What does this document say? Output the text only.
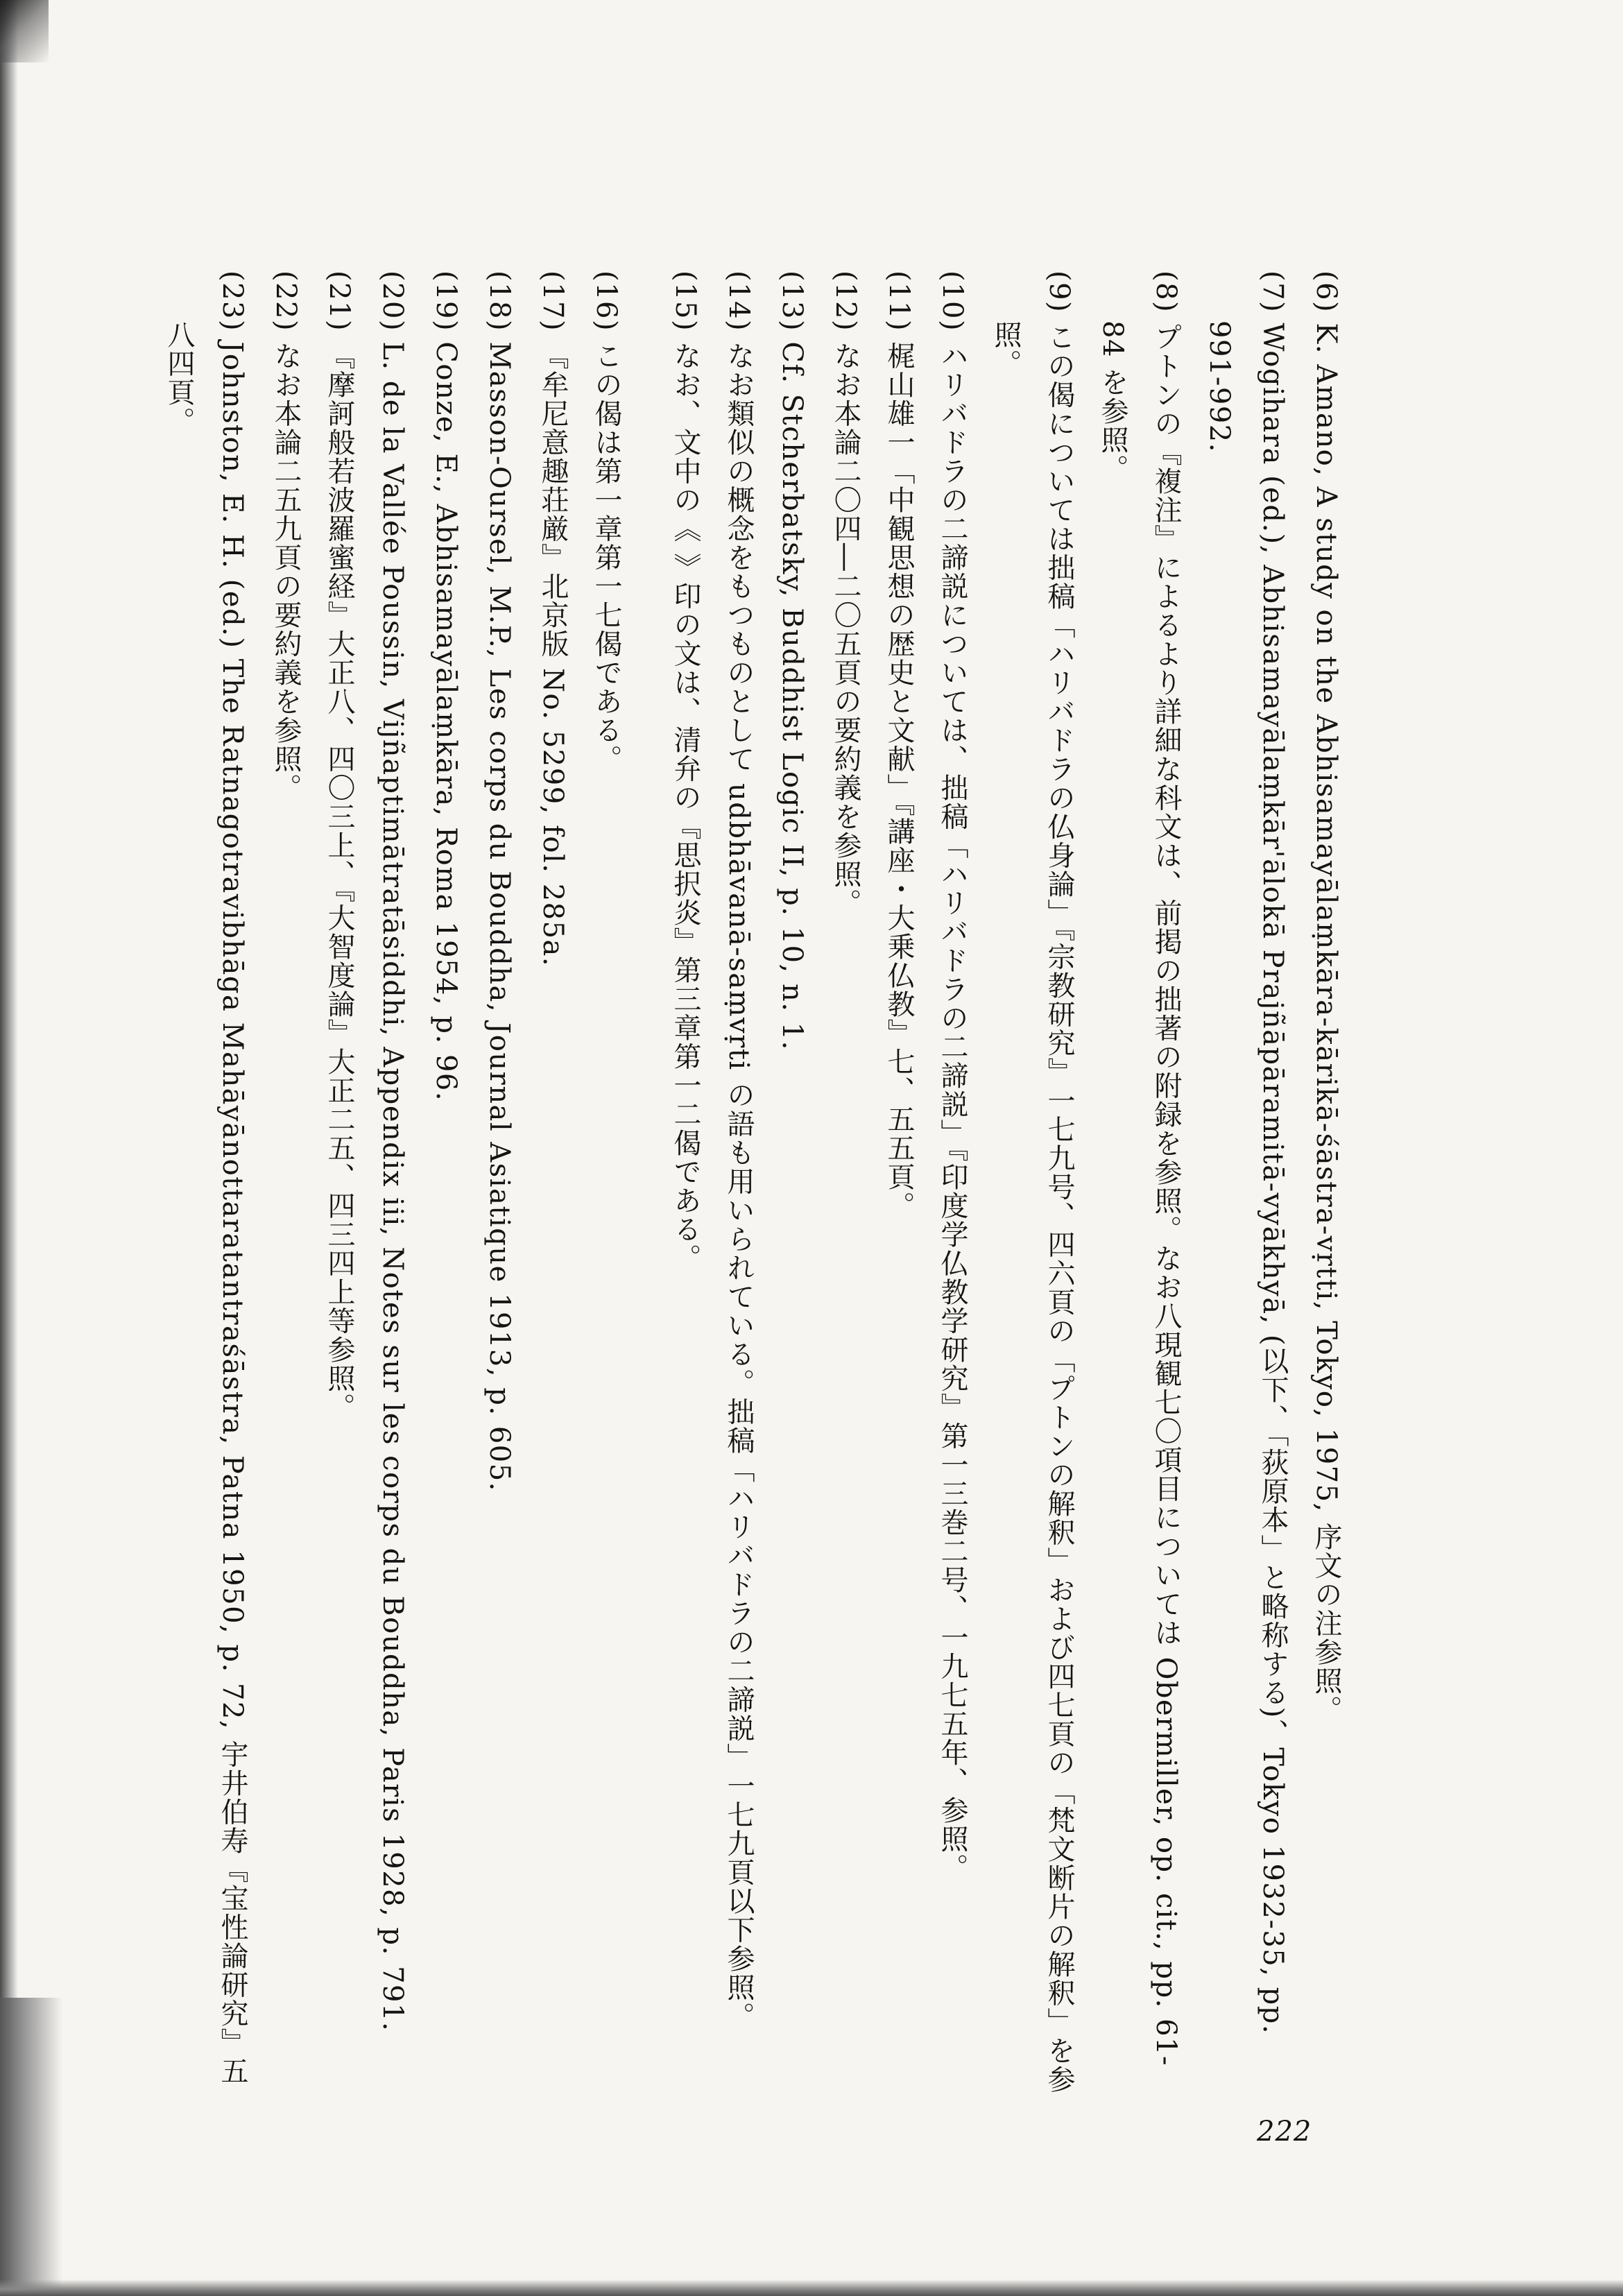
222

(6) K. Amano, A study on the Abhisamayālaṃkāra-kārikā-śāstra-vṛtti, Tokyo, 1975, 序文の注参照。

(7) Wogihara (ed.), Abhisamayālaṃkār'ālokā Prajñāpāramitā-vyākhyā, (以下、「荻原本」と略称する)、Tokyo 1932-35, pp. 991-992.

(8) プトンの『複注』によるより詳細な科文は、前掲の拙著の附録を参照。なお八現観七〇項目については Obermiller, op. cit., pp. 61-84 を参照。

(9) この偈については拙稿「ハリバドラの仏身論」『宗教研究』一七九号、四六頁の「プトンの解釈」および四七頁の「梵文断片の解釈」を参照。

(10) ハリバドラの二諦説については、拙稿「ハリバドラの二諦説」『印度学仏教学研究』第一三巻二号、一九七五年、参照。

(11) 梶山雄一「中観思想の歴史と文献」『講座・大乗仏教』七、五五頁。

(12) なお本論二〇四―二〇五頁の要約義を参照。

(13) Cf. Stcherbatsky, Buddhist Logic II, p. 10, n. 1.

(14) なお類似の概念をもつものとして udbhāvanā-saṃvṛti の語も用いられている。拙稿「ハリバドラの二諦説」一七九頁以下参照。

(15) なお、文中の《 》印の文は、清弁の『思択炎』第三章第一二偈である。

(16) この偈は第一章第一七偈である。

(17) 『牟尼意趣荘厳』北京版 No. 5299, fol. 285a.

(18) Masson-Oursel, M.P., Les corps du Bouddha, Journal Asiatique 1913, p. 605.

(19) Conze, E., Abhisamayālaṃkāra, Roma 1954, p. 96.

(20) L. de la Vallée Poussin, Vijñaptimātratāsiddhi, Appendix iii, Notes sur les corps du Bouddha, Paris 1928, p. 791.

(21) 『摩訶般若波羅蜜経』大正八、四〇三上、『大智度論』大正二五、四三四上等参照。

(22) なお本論二五九頁の要約義を参照。

(23) Johnston, E. H. (ed.) The Ratnagotravibhāga Mahāyānottaratantraśāstra, Patna 1950, p. 72, 宇井伯寿『宝性論研究』五八四頁。
